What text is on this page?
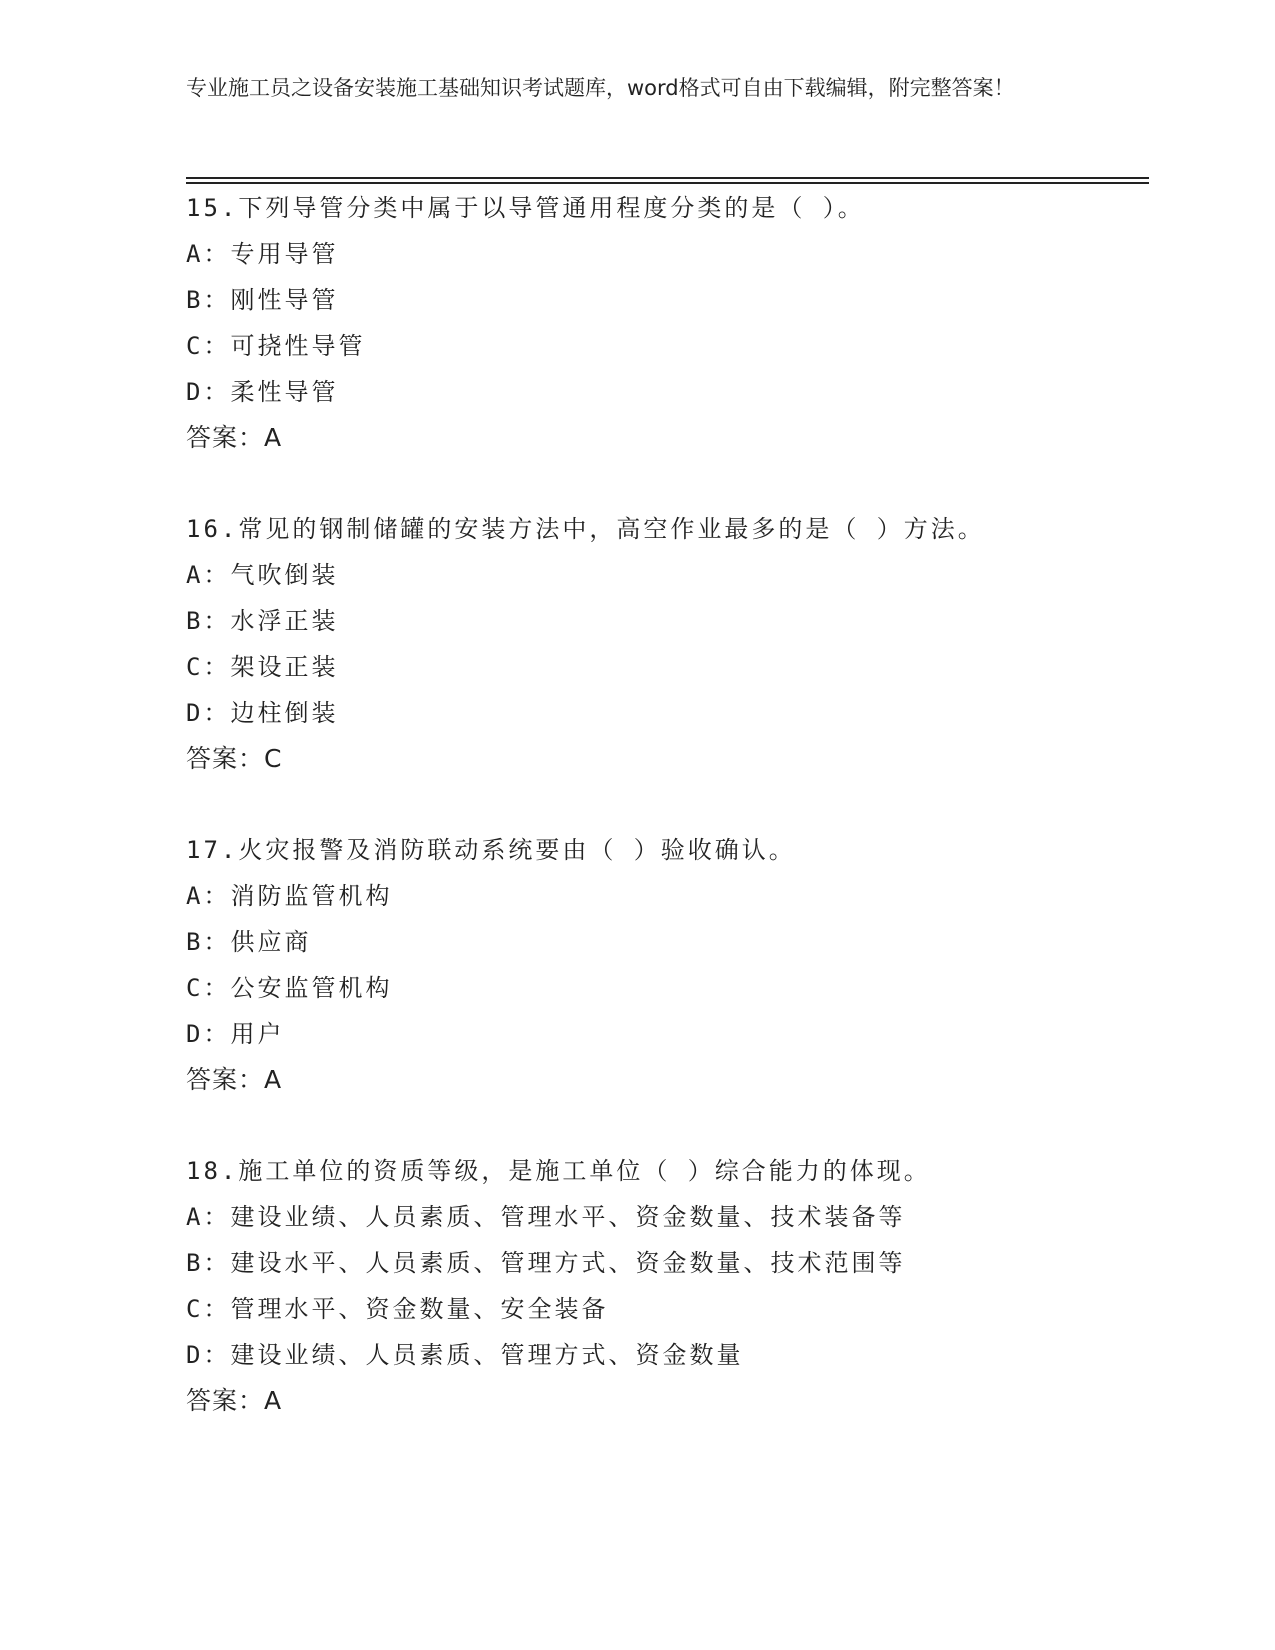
专业施工员之设备安装施工基础知识考试题库，word格式可自由下载编辑，附完整答案！
15.下列导管分类中属于以导管通用程度分类的是（ ）。
A：专用导管
B：刚性导管
C：可挠性导管
D：柔性导管
答案：A
16.常见的钢制储罐的安装方法中，高空作业最多的是（ ）方法。
A：气吹倒装
B：水浮正装
C：架设正装
D：边柱倒装
答案：C
17.火灾报警及消防联动系统要由（ ）验收确认。
A：消防监管机构
B：供应商
C：公安监管机构
D：用户
答案：A
18.施工单位的资质等级，是施工单位（ ）综合能力的体现。
A：建设业绩、人员素质、管理水平、资金数量、技术装备等
B：建设水平、人员素质、管理方式、资金数量、技术范围等
C：管理水平、资金数量、安全装备
D：建设业绩、人员素质、管理方式、资金数量
答案：A
